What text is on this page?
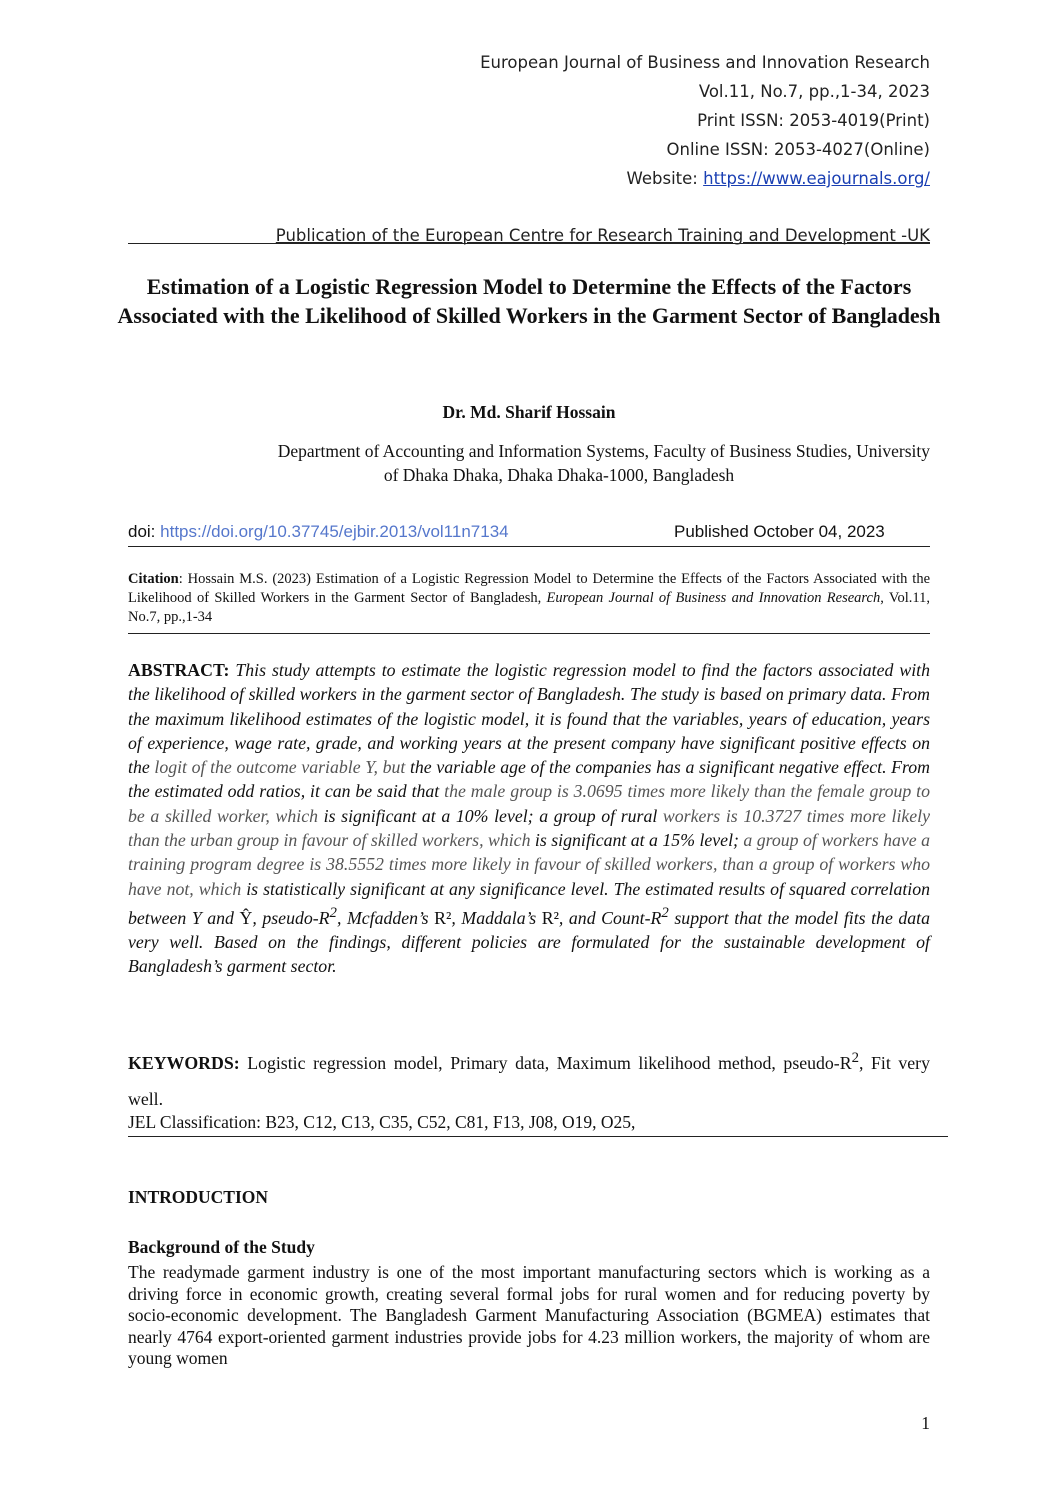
European Journal of Business and Innovation Research
Vol.11, No.7, pp.,1-34, 2023
Print ISSN: 2053-4019(Print)
Online ISSN: 2053-4027(Online)
Website: https://www.eajournals.org/
Publication of the European Centre for Research Training and Development -UK
Estimation of a Logistic Regression Model to Determine the Effects of the Factors Associated with the Likelihood of Skilled Workers in the Garment Sector of Bangladesh
Dr. Md. Sharif Hossain
Department of Accounting and Information Systems, Faculty of Business Studies, University
of Dhaka Dhaka, Dhaka Dhaka-1000, Bangladesh
doi: https://doi.org/10.37745/ejbir.2013/vol11n7134	Published October 04, 2023
Citation: Hossain M.S. (2023) Estimation of a Logistic Regression Model to Determine the Effects of the Factors Associated with the Likelihood of Skilled Workers in the Garment Sector of Bangladesh, European Journal of Business and Innovation Research, Vol.11, No.7, pp.,1-34
ABSTRACT: This study attempts to estimate the logistic regression model to find the factors associated with the likelihood of skilled workers in the garment sector of Bangladesh. The study is based on primary data. From the maximum likelihood estimates of the logistic model, it is found that the variables, years of education, years of experience, wage rate, grade, and working years at the present company have significant positive effects on the logit of the outcome variable Y, but the variable age of the companies has a significant negative effect. From the estimated odd ratios, it can be said that the male group is 3.0695 times more likely than the female group to be a skilled worker, which is significant at a 10% level; a group of rural workers is 10.3727 times more likely than the urban group in favour of skilled workers, which is significant at a 15% level; a group of workers have a training program degree is 38.5552 times more likely in favour of skilled workers, than a group of workers who have not, which is statistically significant at any significance level. The estimated results of squared correlation between Y and Ŷ, pseudo-$R^2$, Mcfadden’s R², Maddala’s R², and Count-$R^2$ support that the model fits the data very well. Based on the findings, different policies are formulated for the sustainable development of Bangladesh’s garment sector.
KEYWORDS: Logistic regression model, Primary data, Maximum likelihood method, pseudo-$R^2$, Fit very well.
JEL Classification: B23, C12, C13, C35, C52, C81, F13, J08, O19, O25,
INTRODUCTION
Background of the Study
The readymade garment industry is one of the most important manufacturing sectors which is working as a driving force in economic growth, creating several formal jobs for rural women and for reducing poverty by socio-economic development. The Bangladesh Garment Manufacturing Association (BGMEA) estimates that nearly 4764 export-oriented garment industries provide jobs for 4.23 million workers, the majority of whom are young women
1
